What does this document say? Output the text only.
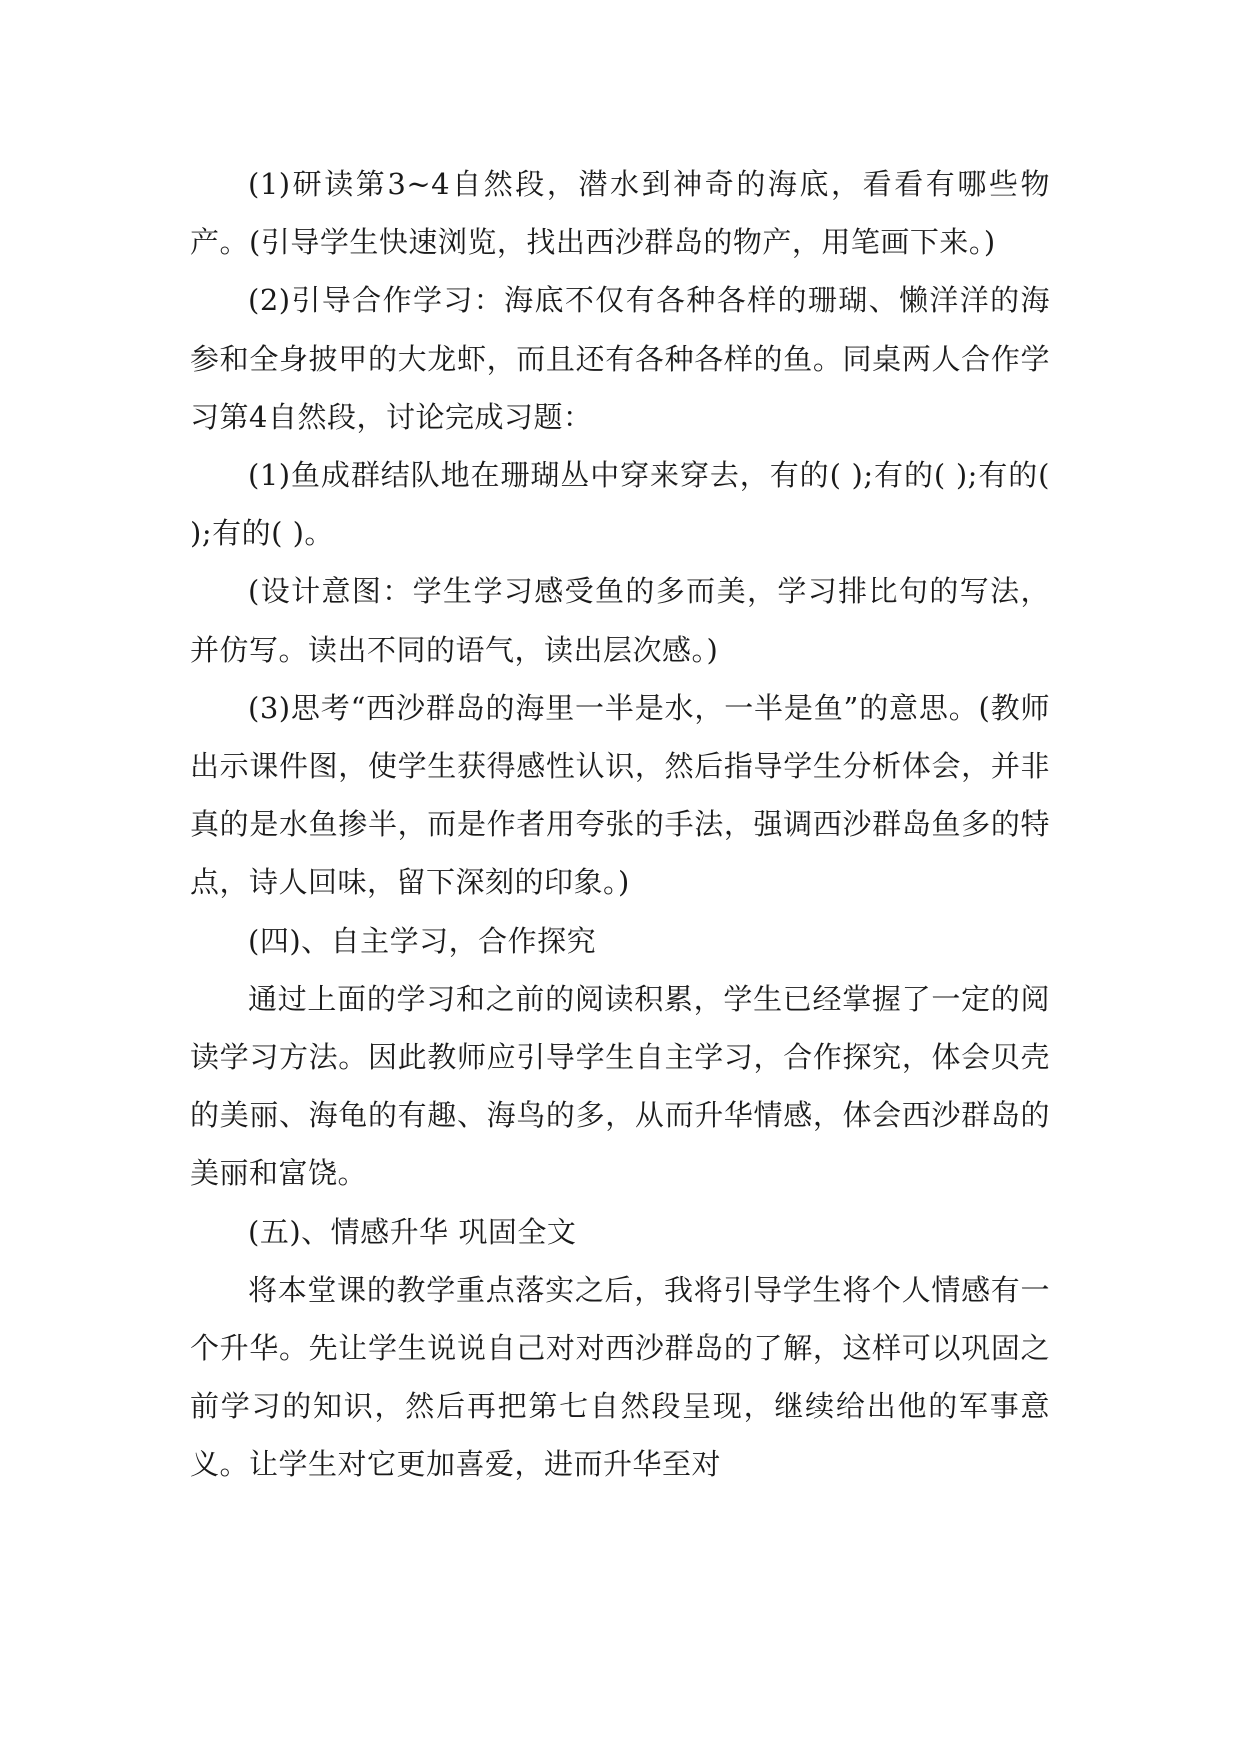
(1)研读第3~4自然段，潜水到神奇的海底，看看有哪些物产。(引导学生快速浏览，找出西沙群岛的物产，用笔画下来。)

(2)引导合作学习：海底不仅有各种各样的珊瑚、懒洋洋的海参和全身披甲的大龙虾，而且还有各种各样的鱼。同桌两人合作学习第4自然段，讨论完成习题：

(1)鱼成群结队地在珊瑚丛中穿来穿去，有的( );有的( );有的( );有的( )。

(设计意图：学生学习感受鱼的多而美，学习排比句的写法，并仿写。读出不同的语气，读出层次感。)

(3)思考“西沙群岛的海里一半是水，一半是鱼”的意思。(教师出示课件图，使学生获得感性认识，然后指导学生分析体会，并非真的是水鱼掺半，而是作者用夸张的手法，强调西沙群岛鱼多的特点，诗人回味，留下深刻的印象。)

(四)、自主学习，合作探究

通过上面的学习和之前的阅读积累，学生已经掌握了一定的阅读学习方法。因此教师应引导学生自主学习，合作探究，体会贝壳的美丽、海龟的有趣、海鸟的多，从而升华情感，体会西沙群岛的美丽和富饶。

(五)、情感升华 巩固全文

将本堂课的教学重点落实之后，我将引导学生将个人情感有一个升华。先让学生说说自己对对西沙群岛的了解，这样可以巩固之前学习的知识，然后再把第七自然段呈现，继续给出他的军事意义。让学生对它更加喜爱，进而升华至对
